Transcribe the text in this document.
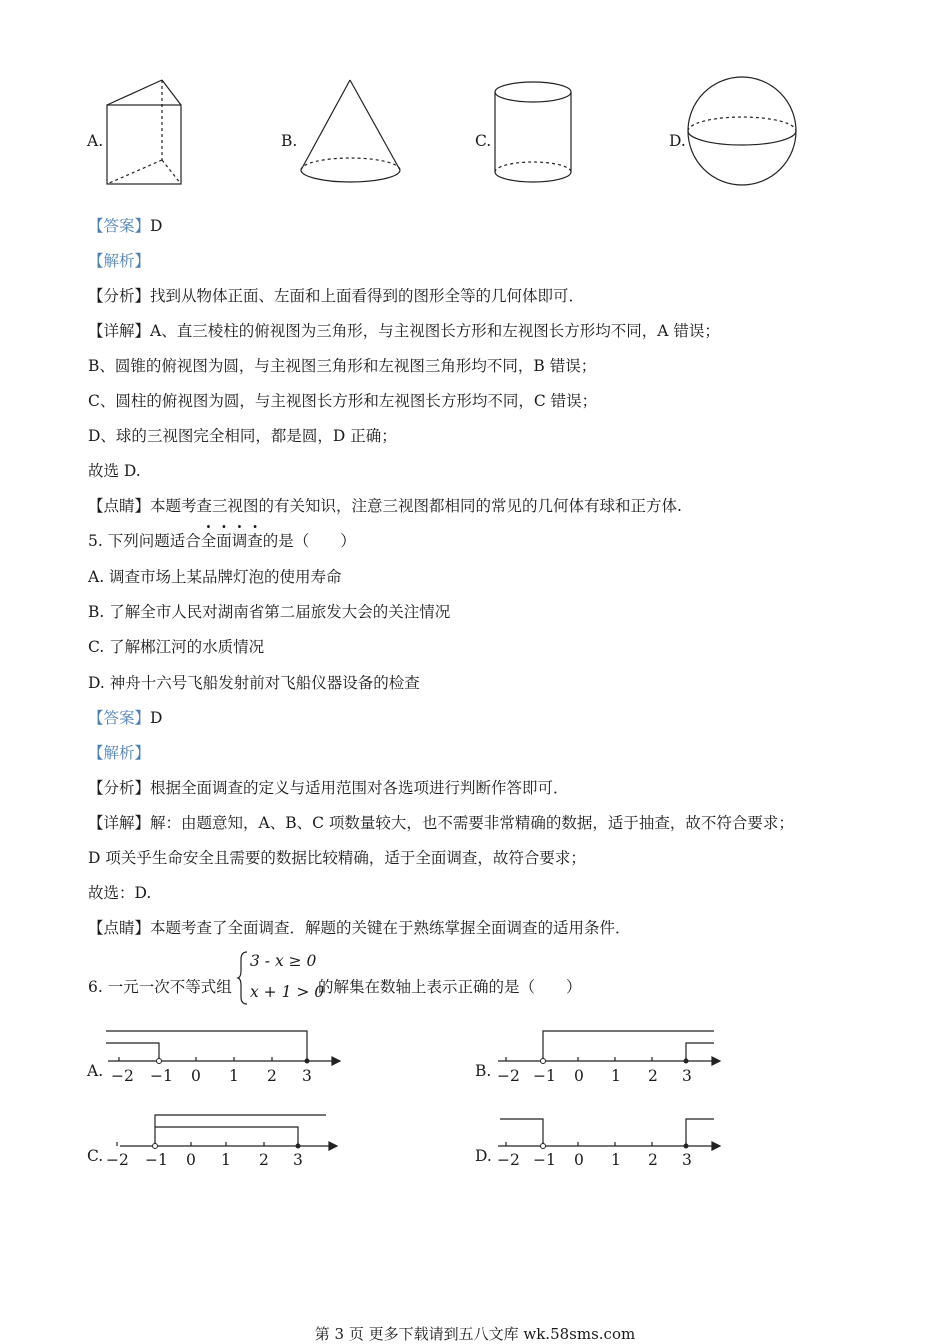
A.	B.	C.	D.
【答案】D
【解析】
【分析】找到从物体正面、左面和上面看得到的图形全等的几何体即可．
【详解】A、直三棱柱的俯视图为三角形，与主视图长方形和左视图长方形均不同，A 错误；
B、圆锥的俯视图为圆，与主视图三角形和左视图三角形均不同，B 错误；
C、圆柱的俯视图为圆，与主视图长方形和左视图长方形均不同，C 错误；
D、球的三视图完全相同，都是圆，D 正确；
故选 D.
【点睛】本题考查三视图的有关知识，注意三视图都相同的常见的几何体有球和正方体.
5. 下列问题适合全面调查的是（　　）
A. 调查市场上某品牌灯泡的使用寿命
B. 了解全市人民对湖南省第二届旅发大会的关注情况
C. 了解郴江河的水质情况
D. 神舟十六号飞船发射前对飞船仪器设备的检查
【答案】D
【解析】
【分析】根据全面调查的定义与适用范围对各选项进行判断作答即可．
【详解】解：由题意知，A、B、C 项数量较大，也不需要非常精确的数据，适于抽查，故不符合要求；
D 项关乎生命安全且需要的数据比较精确，适于全面调查，故符合要求；
故选：D.
【点睛】本题考查了全面调查．解题的关键在于熟练掌握全面调查的适用条件．
6. 一元一次不等式组
3 - x ≥ 0
x + 1 > 0
的解集在数轴上表示正确的是（　　）
A. −2 −1 0 1 2 3	B. −2 −1 0 1 2 3
C. −2 −1 0 1 2 3	D. −2 −1 0 1 2 3
第 3 页 更多下载请到五八文库 wk.58sms.com
